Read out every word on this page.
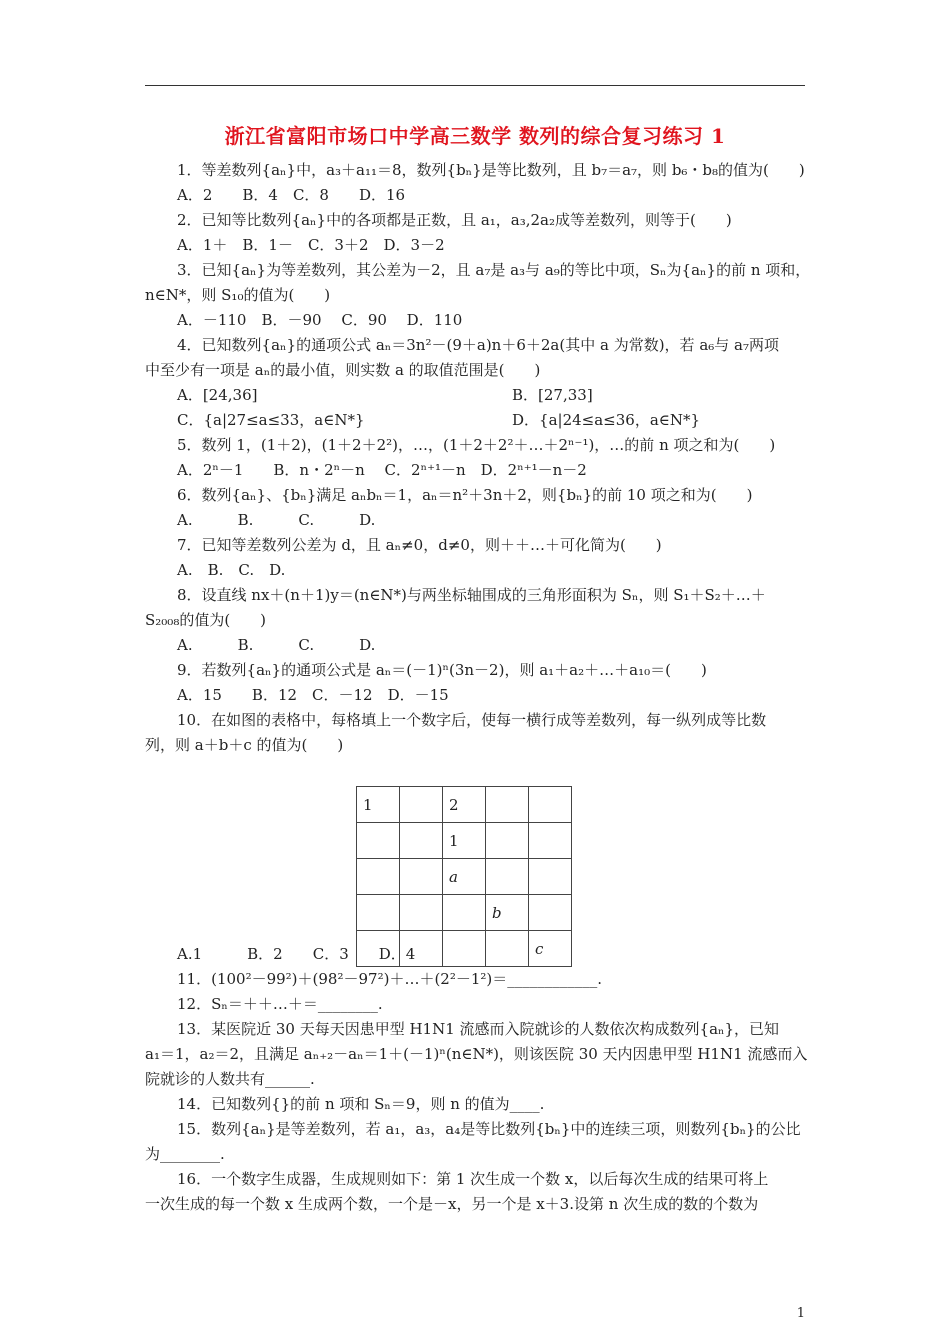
浙江省富阳市场口中学高三数学 数列的综合复习练习 1
1．等差数列{aₙ}中，a₃＋a₁₁＝8，数列{bₙ}是等比数列，且 b₇＝a₇，则 b₆・b₈的值为(　　)
A．2　　B．4　C．8　　D．16
2．已知等比数列{aₙ}中的各项都是正数，且 a₁，a₃,2a₂成等差数列，则等于(　　)
A．1＋　B．1－　C．3＋2　D．3－2
3．已知{aₙ}为等差数列，其公差为－2，且 a₇是 a₃与 a₉的等比中项，Sₙ为{aₙ}的前 n 项和，
n∈N*，则 S₁₀的值为(　　)
A．－110　B．－90　 C．90　 D．110
4．已知数列{aₙ}的通项公式 aₙ＝3n²－(9＋a)n＋6＋2a(其中 a 为常数)，若 a₆与 a₇两项
中至少有一项是 aₙ的最小值，则实数 a 的取值范围是(　　)
A．[24,36]	B．[27,33]
C．{a|27≤a≤33，a∈N*}	D．{a|24≤a≤36，a∈N*}
5．数列 1，(1＋2)，(1＋2＋2²)，…，(1＋2＋2²＋…＋2ⁿ⁻¹)，…的前 n 项之和为(　　)
A．2ⁿ－1　　B．n・2ⁿ－n　 C．2ⁿ⁺¹－n　D．2ⁿ⁺¹－n－2
6．数列{aₙ}、{bₙ}满足 aₙbₙ＝1，aₙ＝n²＋3n＋2，则{bₙ}的前 10 项之和为(　　)
A.　　　B.　　　C.　　　D.
7．已知等差数列公差为 d，且 aₙ≠0，d≠0，则＋＋…＋可化简为(　　)
A.　B.　C.　D.
8．设直线 nx＋(n＋1)y＝(n∈N*)与两坐标轴围成的三角形面积为 Sₙ，则 S₁＋S₂＋…＋
S₂₀₀₈的值为(　　)
A.　　　B.　　　C.　　　D.
9．若数列{aₙ}的通项公式是 aₙ＝(－1)ⁿ(3n－2)，则 a₁＋a₂＋…＋a₁₀＝(　　)
A．15　　B．12　C．－12　D．－15
10．在如图的表格中，每格填上一个数字后，使每一横行成等差数列，每一纵列成等比数
列，则 a＋b＋c 的值为(　　)
A.1　　　B．2　　C．3　　D．4
11．(100²－99²)＋(98²－97²)＋…＋(2²－1²)＝____________.
12．Sₙ＝＋＋…＋＝________.
13．某医院近 30 天每天因患甲型 H1N1 流感而入院就诊的人数依次构成数列{aₙ}，已知
a₁＝1，a₂＝2，且满足 aₙ₊₂－aₙ＝1＋(－1)ⁿ(n∈N*)，则该医院 30 天内因患甲型 H1N1 流感而入
院就诊的人数共有______.
14．已知数列{}的前 n 项和 Sₙ＝9，则 n 的值为____.
15．数列{aₙ}是等差数列，若 a₁，a₃，a₄是等比数列{bₙ}中的连续三项，则数列{bₙ}的公比
为________.
16．一个数字生成器，生成规则如下：第 1 次生成一个数 x，以后每次生成的结果可将上
一次生成的每一个数 x 生成两个数，一个是－x，另一个是 x＋3.设第 n 次生成的数的个数为
1		2		
		1		
		a		
			b	
				c
1
